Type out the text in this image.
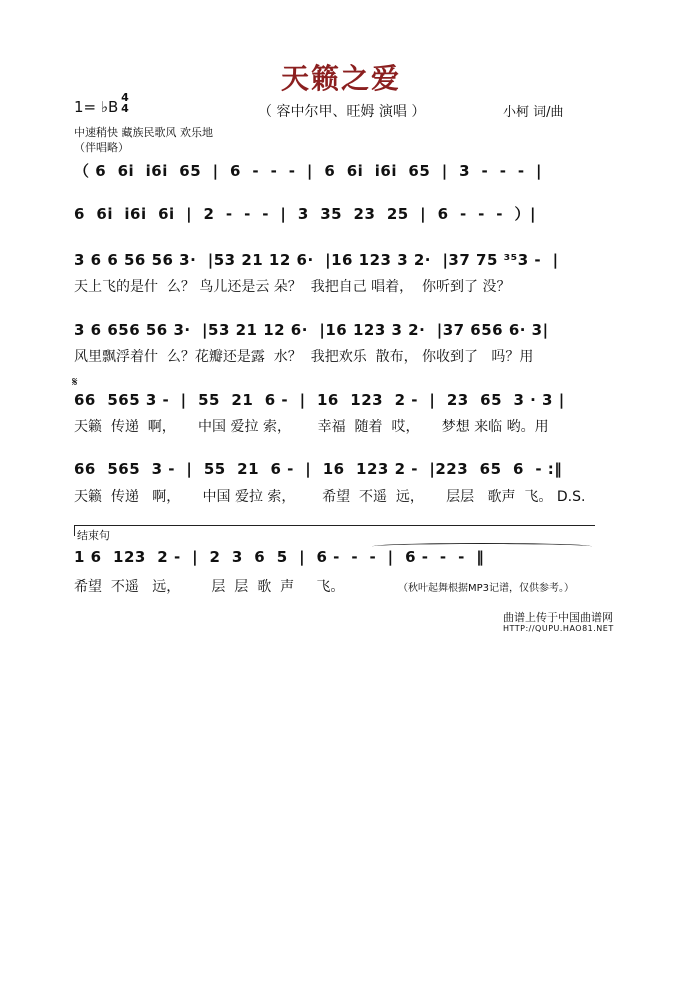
天籁之爱
1= ♭B
4
4	（ 容中尔甲、旺姆 演唱 ）	小柯 词/曲
中速稍快 藏族民歌风 欢乐地
（伴唱略）
（ 6  6i  i6i  65  |  6  -  -  -  |  6  6i  i6i  65  |  3  -  -  -  |
6  6i  i6i  6i  |  2  -  -  -  |  3  35  23  25  |  6  -  -  -  ）|
3 6 6 56 56 3·  |53 21 12 6·  |16 123 3 2·  |37 75 ³⁵3 -  |
天上飞的是什  么？ 鸟儿还是云 朵？  我把自己 唱着，  你听到了 没？
3 6 656 56 3·  |53 21 12 6·  |16 123 3 2·  |37 656 6· 3|
风里飘浮着什  么？花瓣还是露  水？  我把欢乐  散布， 你收到了   吗？用
𝄋
66  565 3 -  |  55  21  6 -  |  16  123  2 -  |  23  65  3 · 3 |
天籁  传递  啊，     中国 爱拉 索，      幸福  随着  哎，     梦想 来临 哟。用
66  565  3 -  |  55  21  6 -  |  16  123 2 -  |223  65  6  - :‖
天籁  传递   啊，     中国 爱拉 索，      希望  不遥  远，     层层   歌声  飞。 D.S.
结束句
1 6  123  2 -  |  2  3  6  5  |  6 -  -  -  |  6 -  -  -  ‖
希望  不遥   远，       层  层  歌  声     飞。	（秋叶起舞根据MP3记谱，仅供参考。）
曲谱上传于中国曲谱网
HTTP://QUPU.HAO81.NET
